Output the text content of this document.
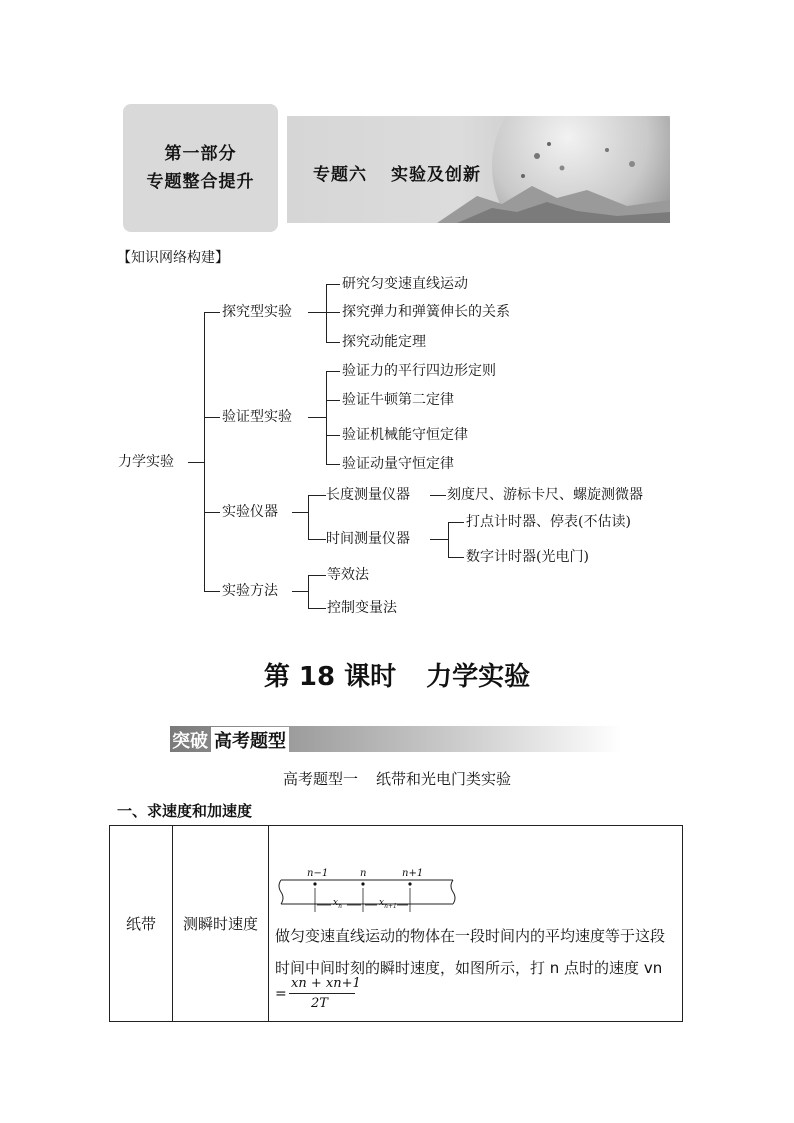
第一部分
专题整合提升	专题六 实验及创新
【知识网络构建】
力学实验
探究型实验
研究匀变速直线运动
探究弹力和弹簧伸长的关系
探究动能定理
验证型实验
验证力的平行四边形定则
验证牛顿第二定律
验证机械能守恒定律
验证动量守恒定律
实验仪器
长度测量仪器	刻度尺、游标卡尺、螺旋测微器
时间测量仪器
打点计时器、停表(不估读)
数字计时器(光电门)
实验方法
等效法
控制变量法
第 18 课时 力学实验
突破 高考题型
高考题型一 纸带和光电门类实验
一、求速度和加速度
纸带	测瞬时速度
n−1	n	n+1
$x_n$	$x_{n+1}$
做匀变速直线运动的物体在一段时间内的平均速度等于这段时间中间时刻的瞬时速度，如图所示，打 n 点时的速度 vn
=
xn + xn+1
2T
